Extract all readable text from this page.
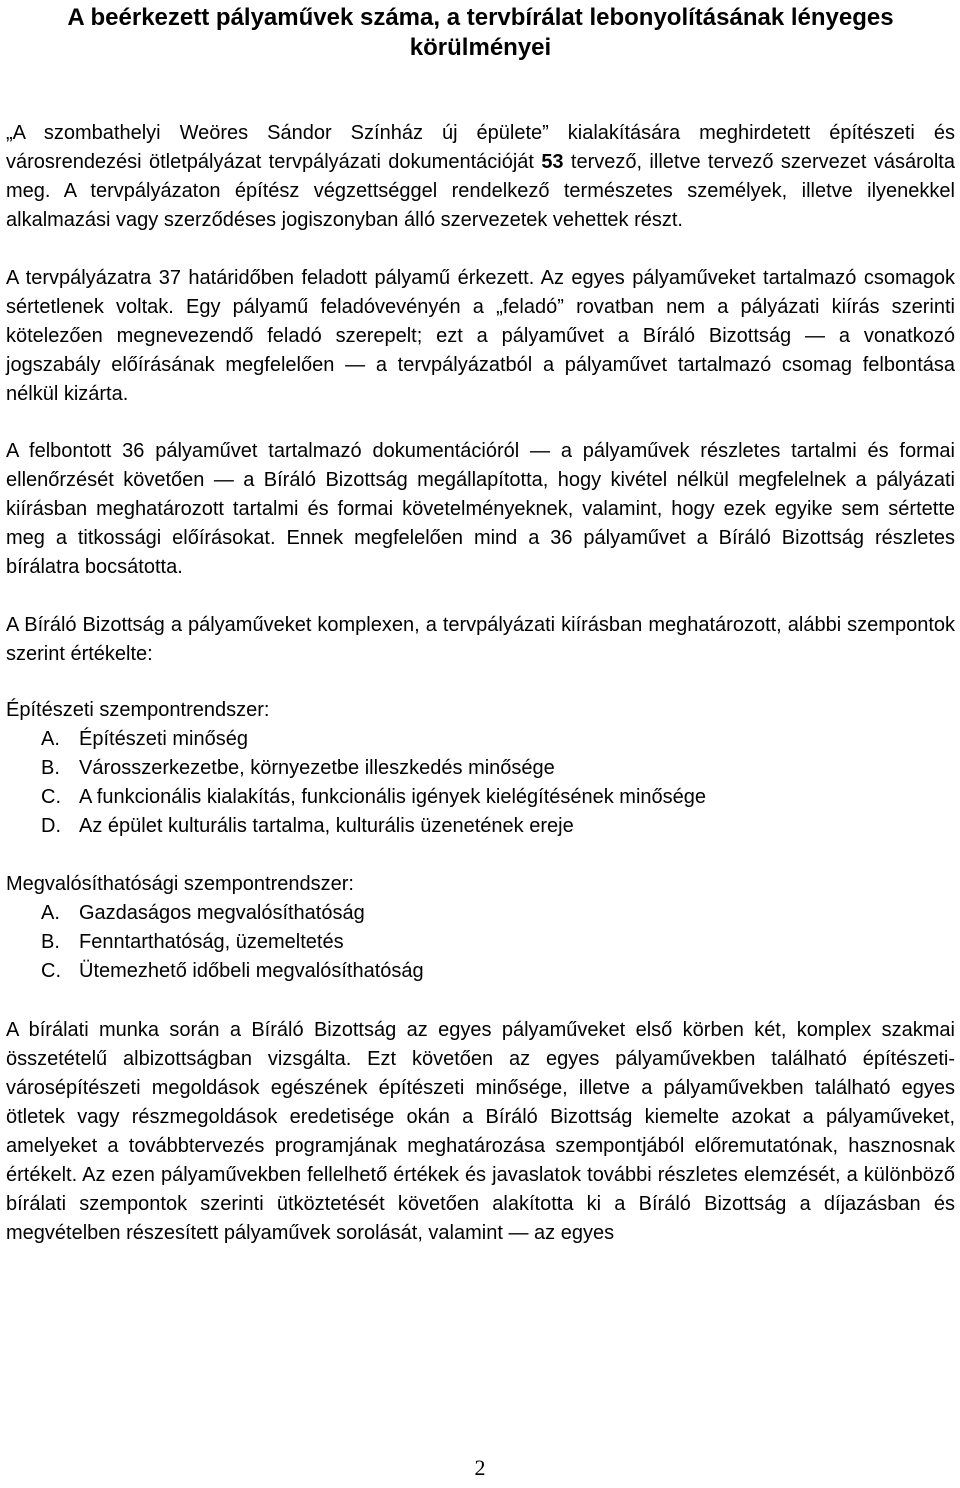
A beérkezett pályaművek száma, a tervbírálat lebonyolításának lényeges körülményei

„A szombathelyi Weöres Sándor Színház új épülete” kialakítására meghirdetett építészeti és városrendezési ötletpályázat tervpályázati dokumentációját 53 tervező, illetve tervező szervezet vásárolta meg. A tervpályázaton építész végzettséggel rendelkező természetes személyek, illetve ilyenekkel alkalmazási vagy szerződéses jogiszonyban álló szervezetek vehettek részt.

A tervpályázatra 37 határidőben feladott pályamű érkezett. Az egyes pályaműveket tartalmazó csomagok sértetlenek voltak. Egy pályamű feladóvevényén a „feladó” rovatban nem a pályázati kiírás szerinti kötelezően megnevezendő feladó szerepelt; ezt a pályaművet a Bíráló Bizottság — a vonatkozó jogszabály előírásának megfelelően — a tervpályázatból a pályaművet tartalmazó csomag felbontása nélkül kizárta.

A felbontott 36 pályaművet tartalmazó dokumentációról — a pályaművek részletes tartalmi és formai ellenőrzését követően — a Bíráló Bizottság megállapította, hogy kivétel nélkül megfelelnek a pályázati kiírásban meghatározott tartalmi és formai követelményeknek, valamint, hogy ezek egyike sem sértette meg a titkossági előírásokat. Ennek megfelelően mind a 36 pályaművet a Bíráló Bizottság részletes bírálatra bocsátotta.

A Bíráló Bizottság a pályaműveket komplexen, a tervpályázati kiírásban meghatározott, alábbi szempontok szerint értékelte:

Építészeti szempontrendszer:
A. Építészeti minőség
B. Városszerkezetbe, környezetbe illeszkedés minősége
C. A funkcionális kialakítás, funkcionális igények kielégítésének minősége
D. Az épület kulturális tartalma, kulturális üzenetének ereje
Megvalósíthatósági szempontrendszer:
A. Gazdaságos megvalósíthatóság
B. Fenntarthatóság, üzemeltetés
C. Ütemezhető időbeli megvalósíthatóság

A bírálati munka során a Bíráló Bizottság az egyes pályaműveket első körben két, komplex szakmai összetételű albizottságban vizsgálta. Ezt követően az egyes pályaművekben található építészeti-városépítészeti megoldások egészének építészeti minősége, illetve a pályaművekben található egyes ötletek vagy részmegoldások eredetisége okán a Bíráló Bizottság kiemelte azokat a pályaműveket, amelyeket a továbbtervezés programjának meghatározása szempontjából előremutatónak, hasznosnak értékelt. Az ezen pályaművekben fellelhető értékek és javaslatok további részletes elemzését, a különböző bírálati szempontok szerinti ütköztetését követően alakította ki a Bíráló Bizottság a díjazásban és megvételben részesített pályaművek sorolását, valamint — az egyes

2
